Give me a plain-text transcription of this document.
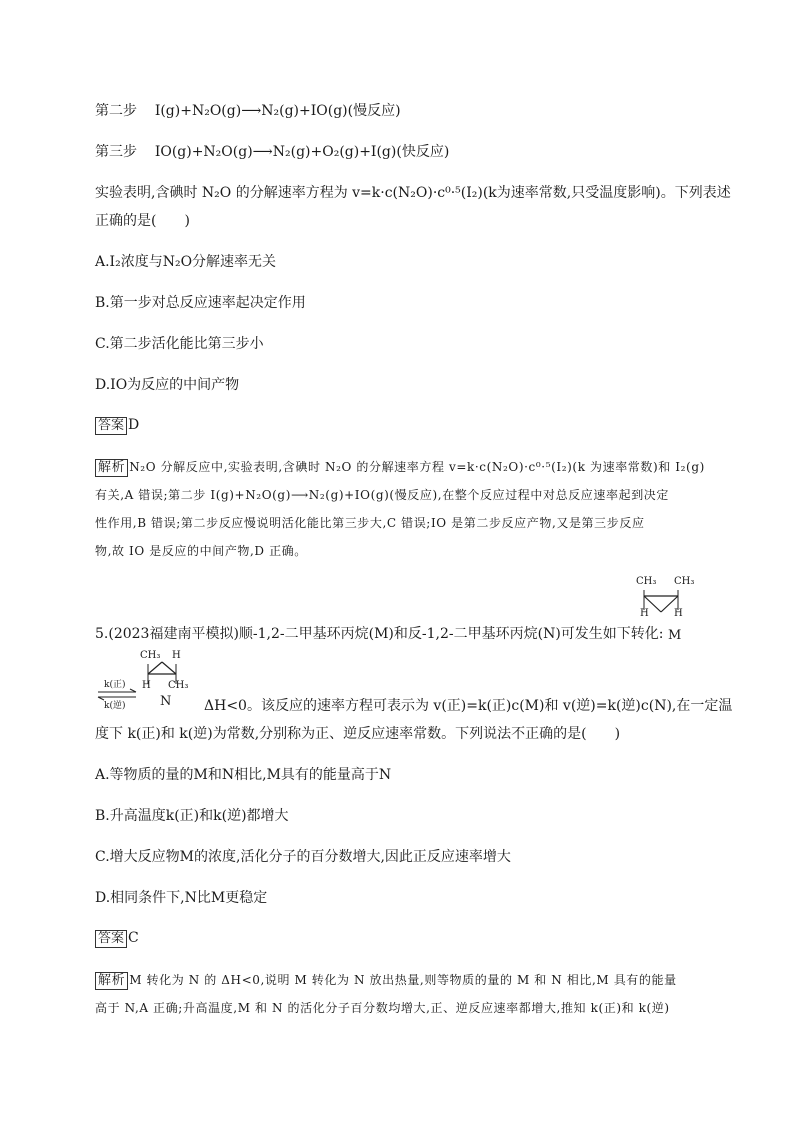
第二步 I(g)+N₂O(g)⟶N₂(g)+IO(g)(慢反应)
第三步 IO(g)+N₂O(g)⟶N₂(g)+O₂(g)+I(g)(快反应)
实验表明,含碘时 N₂O 的分解速率方程为 v=k·c(N₂O)·c⁰·⁵(I₂)(k为速率常数,只受温度影响)。下列表述
正确的是(　　)
A.I₂浓度与N₂O分解速率无关
B.第一步对总反应速率起决定作用
C.第二步活化能比第三步小
D.IO为反应的中间产物
答案 D
解析 N₂O 分解反应中,实验表明,含碘时 N₂O 的分解速率方程 v=k·c(N₂O)·c⁰·⁵(I₂)(k 为速率常数)和 I₂(g)
有关,A 错误;第二步 I(g)+N₂O(g)⟶N₂(g)+IO(g)(慢反应),在整个反应过程中对总反应速率起到决定
性作用,B 错误;第二步反应慢说明活化能比第三步大,C 错误;IO 是第二步反应产物,又是第三步反应
物,故 IO 是反应的中间产物,D 正确。
CH₃ CH₃
H	H
M
5.(2023福建南平模拟)顺-1,2-二甲基环丙烷(M)和反-1,2-二甲基环丙烷(N)可发生如下转化:
k(正)
k(逆)
CH₃ H
H CH₃
N ΔH<0。该反应的速率方程可表示为 v(正)=k(正)c(M)和 v(逆)=k(逆)c(N),在一定温
度下 k(正)和 k(逆)为常数,分别称为正、逆反应速率常数。下列说法不正确的是(　　)
A.等物质的量的M和N相比,M具有的能量高于N
B.升高温度k(正)和k(逆)都增大
C.增大反应物M的浓度,活化分子的百分数增大,因此正反应速率增大
D.相同条件下,N比M更稳定
答案 C
解析 M 转化为 N 的 ΔH<0,说明 M 转化为 N 放出热量,则等物质的量的 M 和 N 相比,M 具有的能量
高于 N,A 正确;升高温度,M 和 N 的活化分子百分数均增大,正、逆反应速率都增大,推知 k(正)和 k(逆)
